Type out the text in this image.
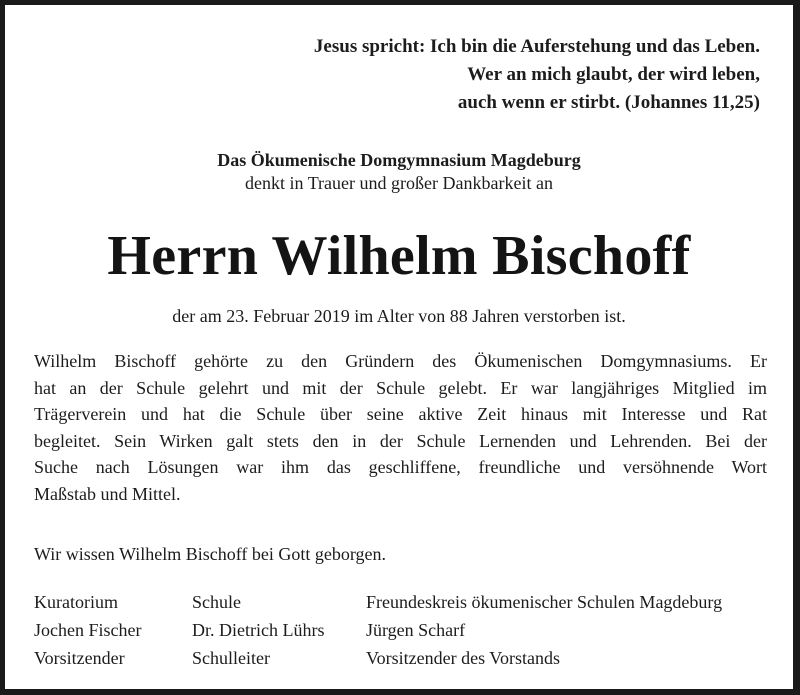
Jesus spricht: Ich bin die Auferstehung und das Leben.
Wer an mich glaubt, der wird leben,
auch wenn er stirbt. (Johannes 11,25)
Das Ökumenische Domgymnasium Magdeburg
denkt in Trauer und großer Dankbarkeit an
Herrn Wilhelm Bischoff
der am 23. Februar 2019 im Alter von 88 Jahren verstorben ist.
Wilhelm Bischoff gehörte zu den Gründern des Ökumenischen Domgymnasiums. Er
hat an der Schule gelehrt und mit der Schule gelebt. Er war langjähriges Mitglied im
Trägerverein und hat die Schule über seine aktive Zeit hinaus mit Interesse und Rat
begleitet. Sein Wirken galt stets den in der Schule Lernenden und Lehrenden. Bei der
Suche nach Lösungen war ihm das geschliffene, freundliche und versöhnende Wort
Maßstab und Mittel.
Wir wissen Wilhelm Bischoff bei Gott geborgen.
Kuratorium
Jochen Fischer
Vorsitzender
Schule
Dr. Dietrich Lührs
Schulleiter
Freundeskreis ökumenischer Schulen Magdeburg
Jürgen Scharf
Vorsitzender des Vorstands
